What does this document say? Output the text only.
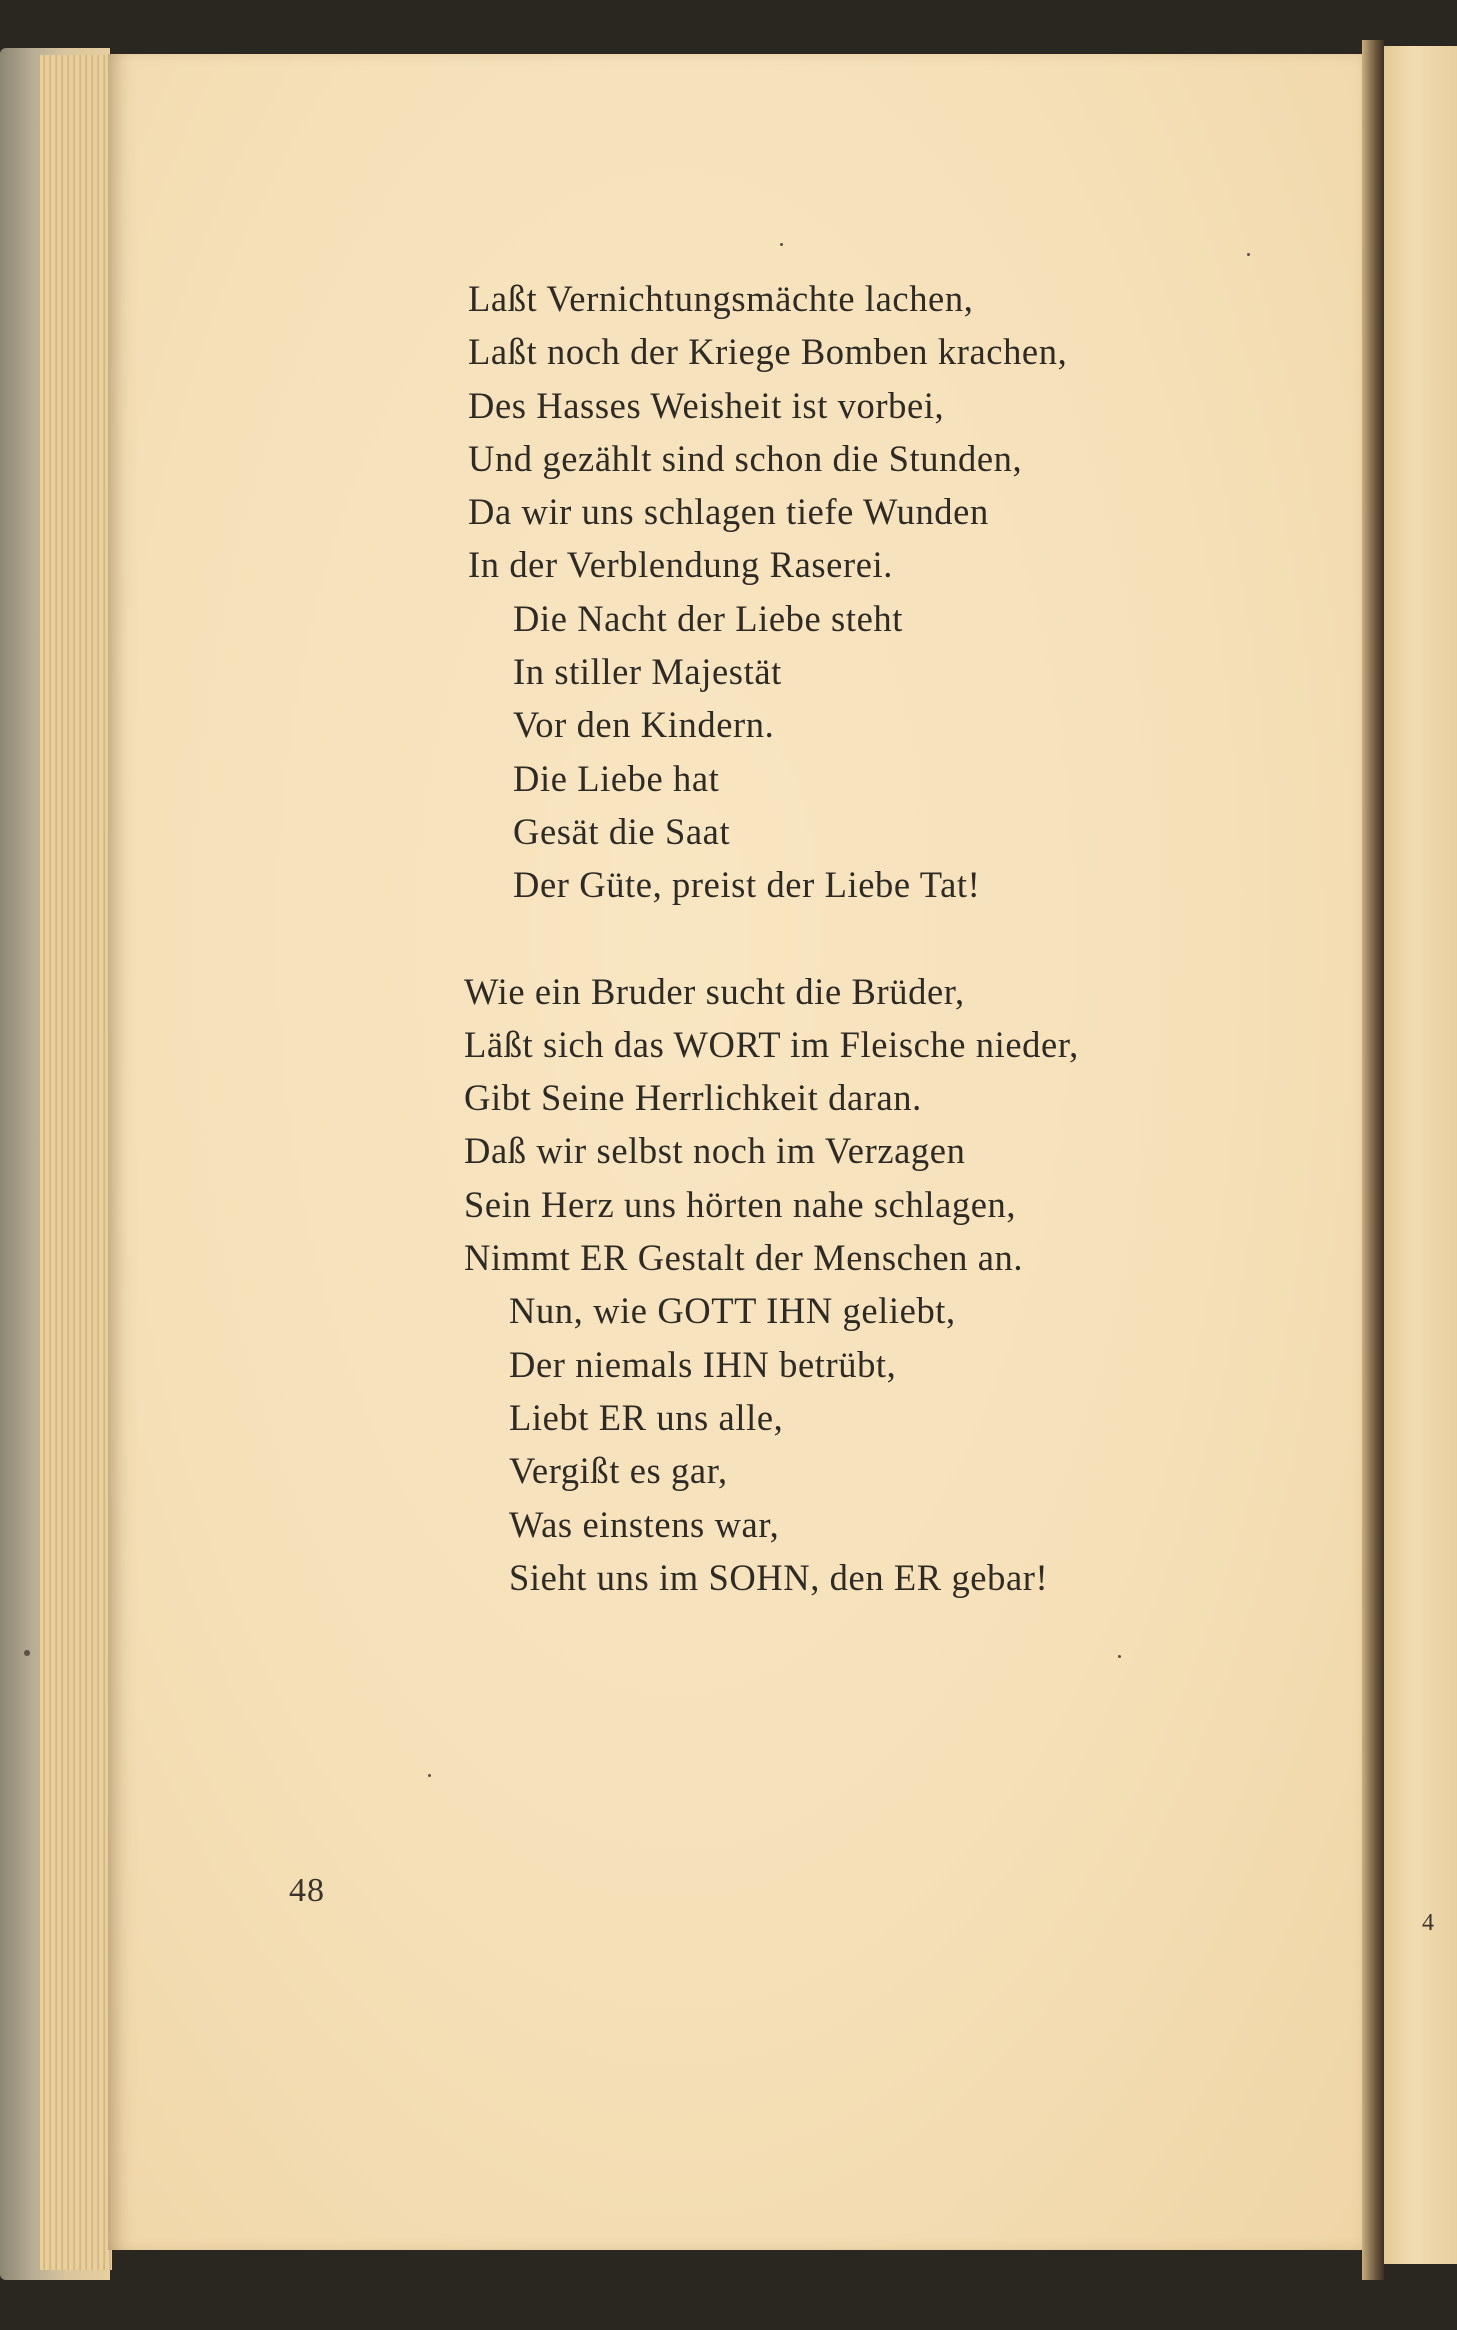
Laßt Vernichtungsmächte lachen,
Laßt noch der Kriege Bomben krachen,
Des Hasses Weisheit ist vorbei,
Und gezählt sind schon die Stunden,
Da wir uns schlagen tiefe Wunden
In der Verblendung Raserei.
Die Nacht der Liebe steht
In stiller Majestät
Vor den Kindern.
Die Liebe hat
Gesät die Saat
Der Güte, preist der Liebe Tat!
Wie ein Bruder sucht die Brüder,
Läßt sich das WORT im Fleische nieder,
Gibt Seine Herrlichkeit daran.
Daß wir selbst noch im Verzagen
Sein Herz uns hörten nahe schlagen,
Nimmt ER Gestalt der Menschen an.
Nun, wie GOTT IHN geliebt,
Der niemals IHN betrübt,
Liebt ER uns alle,
Vergißt es gar,
Was einstens war,
Sieht uns im SOHN, den ER gebar!
48
4
